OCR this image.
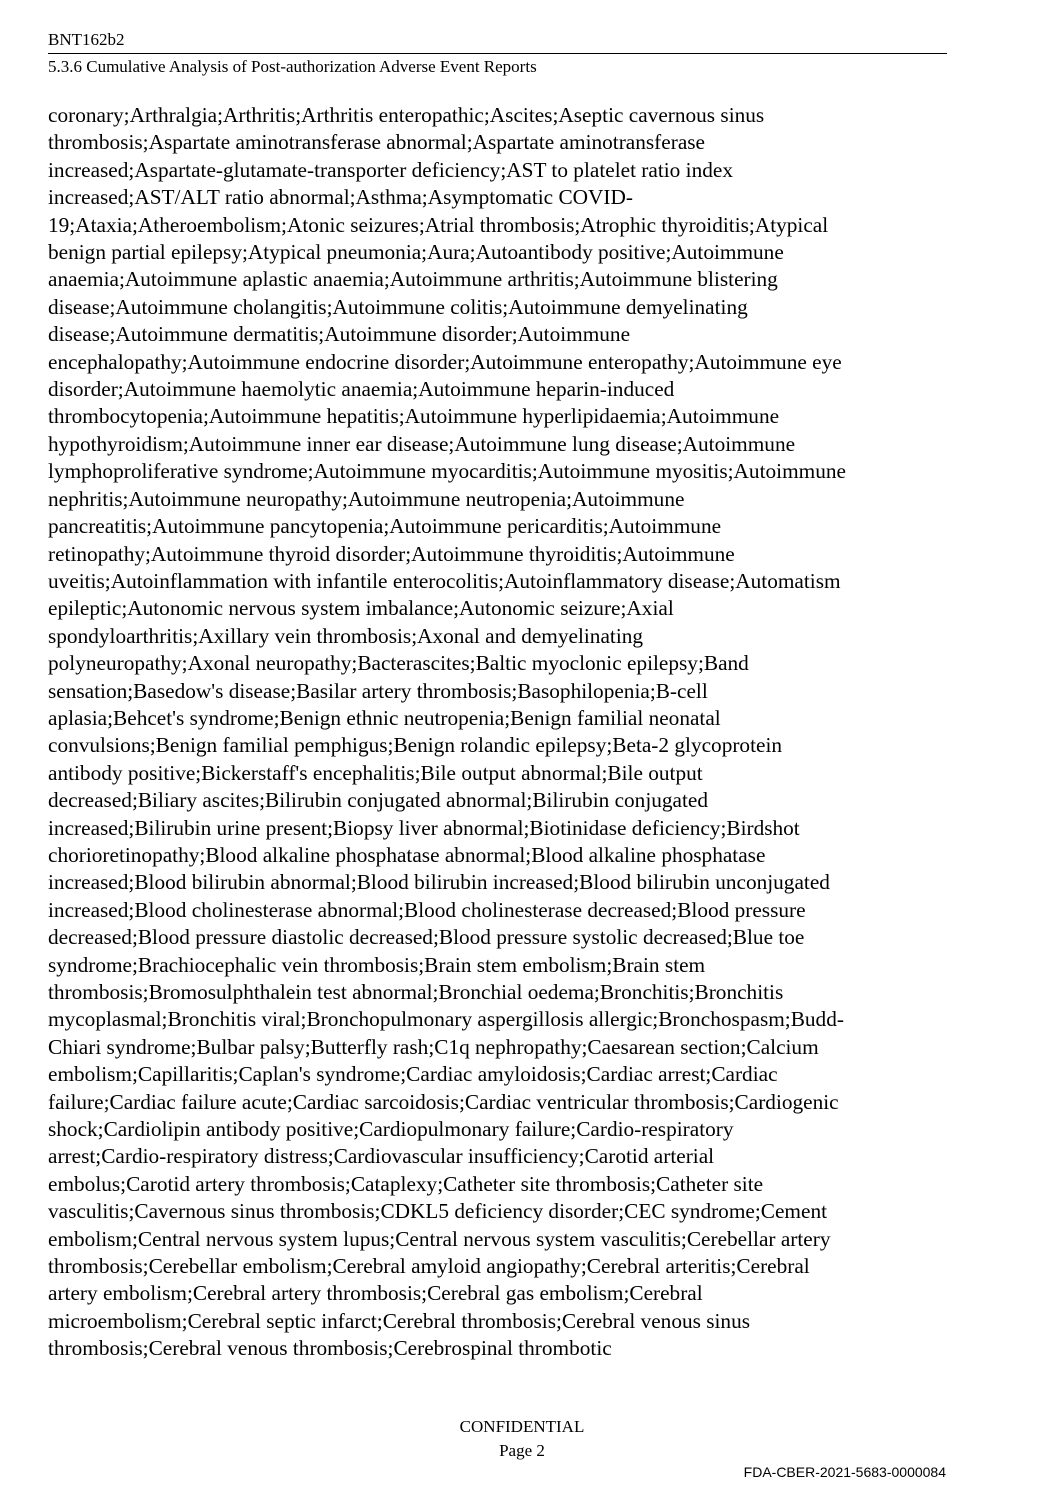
BNT162b2
5.3.6 Cumulative Analysis of Post-authorization Adverse Event Reports
coronary;Arthralgia;Arthritis;Arthritis enteropathic;Ascites;Aseptic cavernous sinus
thrombosis;Aspartate aminotransferase abnormal;Aspartate aminotransferase
increased;Aspartate-glutamate-transporter deficiency;AST to platelet ratio index
increased;AST/ALT ratio abnormal;Asthma;Asymptomatic COVID-
19;Ataxia;Atheroembolism;Atonic seizures;Atrial thrombosis;Atrophic thyroiditis;Atypical
benign partial epilepsy;Atypical pneumonia;Aura;Autoantibody positive;Autoimmune
anaemia;Autoimmune aplastic anaemia;Autoimmune arthritis;Autoimmune blistering
disease;Autoimmune cholangitis;Autoimmune colitis;Autoimmune demyelinating
disease;Autoimmune dermatitis;Autoimmune disorder;Autoimmune
encephalopathy;Autoimmune endocrine disorder;Autoimmune enteropathy;Autoimmune eye
disorder;Autoimmune haemolytic anaemia;Autoimmune heparin-induced
thrombocytopenia;Autoimmune hepatitis;Autoimmune hyperlipidaemia;Autoimmune
hypothyroidism;Autoimmune inner ear disease;Autoimmune lung disease;Autoimmune
lymphoproliferative syndrome;Autoimmune myocarditis;Autoimmune myositis;Autoimmune
nephritis;Autoimmune neuropathy;Autoimmune neutropenia;Autoimmune
pancreatitis;Autoimmune pancytopenia;Autoimmune pericarditis;Autoimmune
retinopathy;Autoimmune thyroid disorder;Autoimmune thyroiditis;Autoimmune
uveitis;Autoinflammation with infantile enterocolitis;Autoinflammatory disease;Automatism
epileptic;Autonomic nervous system imbalance;Autonomic seizure;Axial
spondyloarthritis;Axillary vein thrombosis;Axonal and demyelinating
polyneuropathy;Axonal neuropathy;Bacterascites;Baltic myoclonic epilepsy;Band
sensation;Basedow's disease;Basilar artery thrombosis;Basophilopenia;B-cell
aplasia;Behcet's syndrome;Benign ethnic neutropenia;Benign familial neonatal
convulsions;Benign familial pemphigus;Benign rolandic epilepsy;Beta-2 glycoprotein
antibody positive;Bickerstaff's encephalitis;Bile output abnormal;Bile output
decreased;Biliary ascites;Bilirubin conjugated abnormal;Bilirubin conjugated
increased;Bilirubin urine present;Biopsy liver abnormal;Biotinidase deficiency;Birdshot
chorioretinopathy;Blood alkaline phosphatase abnormal;Blood alkaline phosphatase
increased;Blood bilirubin abnormal;Blood bilirubin increased;Blood bilirubin unconjugated
increased;Blood cholinesterase abnormal;Blood cholinesterase decreased;Blood pressure
decreased;Blood pressure diastolic decreased;Blood pressure systolic decreased;Blue toe
syndrome;Brachiocephalic vein thrombosis;Brain stem embolism;Brain stem
thrombosis;Bromosulphthalein test abnormal;Bronchial oedema;Bronchitis;Bronchitis
mycoplasmal;Bronchitis viral;Bronchopulmonary aspergillosis allergic;Bronchospasm;Budd-
Chiari syndrome;Bulbar palsy;Butterfly rash;C1q nephropathy;Caesarean section;Calcium
embolism;Capillaritis;Caplan's syndrome;Cardiac amyloidosis;Cardiac arrest;Cardiac
failure;Cardiac failure acute;Cardiac sarcoidosis;Cardiac ventricular thrombosis;Cardiogenic
shock;Cardiolipin antibody positive;Cardiopulmonary failure;Cardio-respiratory
arrest;Cardio-respiratory distress;Cardiovascular insufficiency;Carotid arterial
embolus;Carotid artery thrombosis;Cataplexy;Catheter site thrombosis;Catheter site
vasculitis;Cavernous sinus thrombosis;CDKL5 deficiency disorder;CEC syndrome;Cement
embolism;Central nervous system lupus;Central nervous system vasculitis;Cerebellar artery
thrombosis;Cerebellar embolism;Cerebral amyloid angiopathy;Cerebral arteritis;Cerebral
artery embolism;Cerebral artery thrombosis;Cerebral gas embolism;Cerebral
microembolism;Cerebral septic infarct;Cerebral thrombosis;Cerebral venous sinus
thrombosis;Cerebral venous thrombosis;Cerebrospinal thrombotic
CONFIDENTIAL
Page 2
FDA-CBER-2021-5683-0000084
